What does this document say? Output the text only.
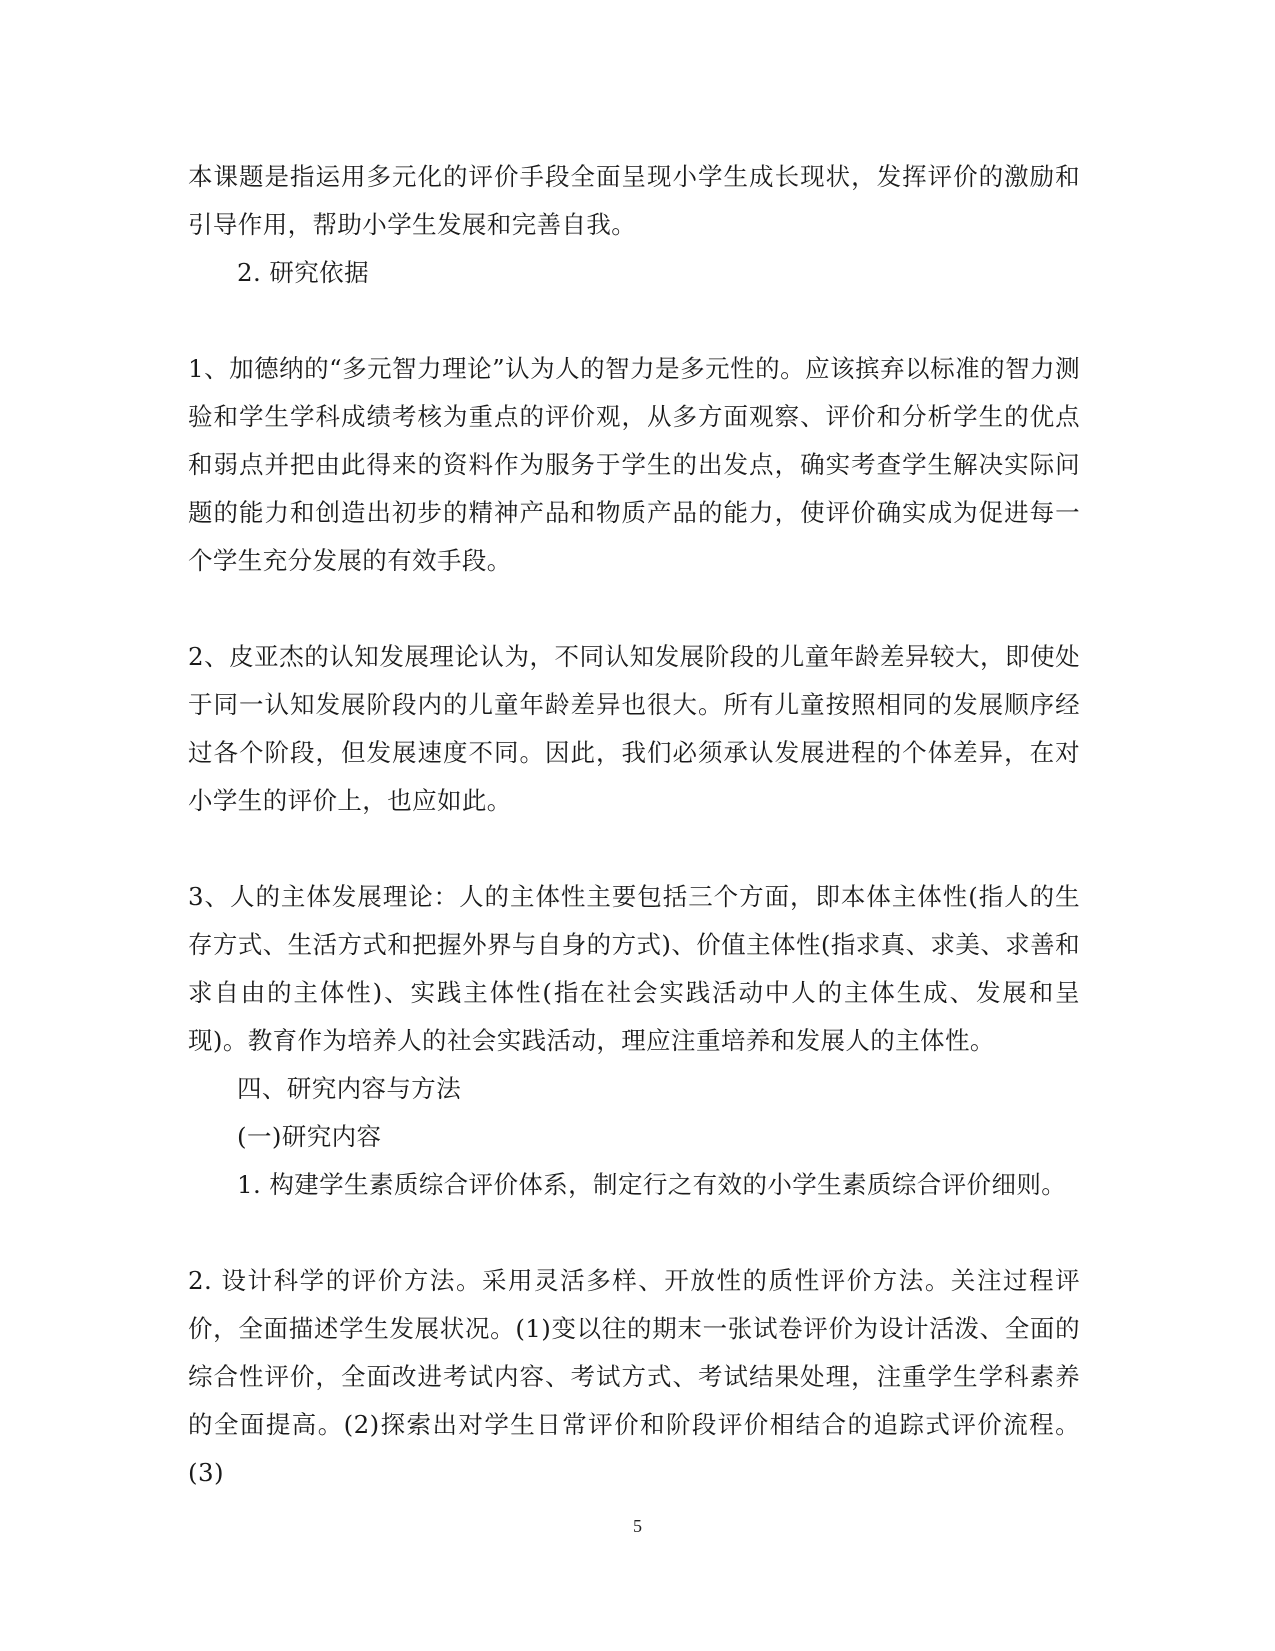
本课题是指运用多元化的评价手段全面呈现小学生成长现状，发挥评价的激励和引导作用，帮助小学生发展和完善自我。

2. 研究依据

1、加德纳的“多元智力理论”认为人的智力是多元性的。应该摈弃以标准的智力测验和学生学科成绩考核为重点的评价观，从多方面观察、评价和分析学生的优点和弱点并把由此得来的资料作为服务于学生的出发点，确实考查学生解决实际问题的能力和创造出初步的精神产品和物质产品的能力，使评价确实成为促进每一个学生充分发展的有效手段。

2、皮亚杰的认知发展理论认为，不同认知发展阶段的儿童年龄差异较大，即使处于同一认知发展阶段内的儿童年龄差异也很大。所有儿童按照相同的发展顺序经过各个阶段，但发展速度不同。因此，我们必须承认发展进程的个体差异，在对小学生的评价上，也应如此。

3、人的主体发展理论：人的主体性主要包括三个方面，即本体主体性(指人的生存方式、生活方式和把握外界与自身的方式)、价值主体性(指求真、求美、求善和求自由的主体性)、实践主体性(指在社会实践活动中人的主体生成、发展和呈现)。教育作为培养人的社会实践活动，理应注重培养和发展人的主体性。

四、研究内容与方法

(一)研究内容

1. 构建学生素质综合评价体系，制定行之有效的小学生素质综合评价细则。

2. 设计科学的评价方法。采用灵活多样、开放性的质性评价方法。关注过程评价，全面描述学生发展状况。(1)变以往的期末一张试卷评价为设计活泼、全面的综合性评价，全面改进考试内容、考试方式、考试结果处理，注重学生学科素养的全面提高。(2)探索出对学生日常评价和阶段评价相结合的追踪式评价流程。(3)

5
